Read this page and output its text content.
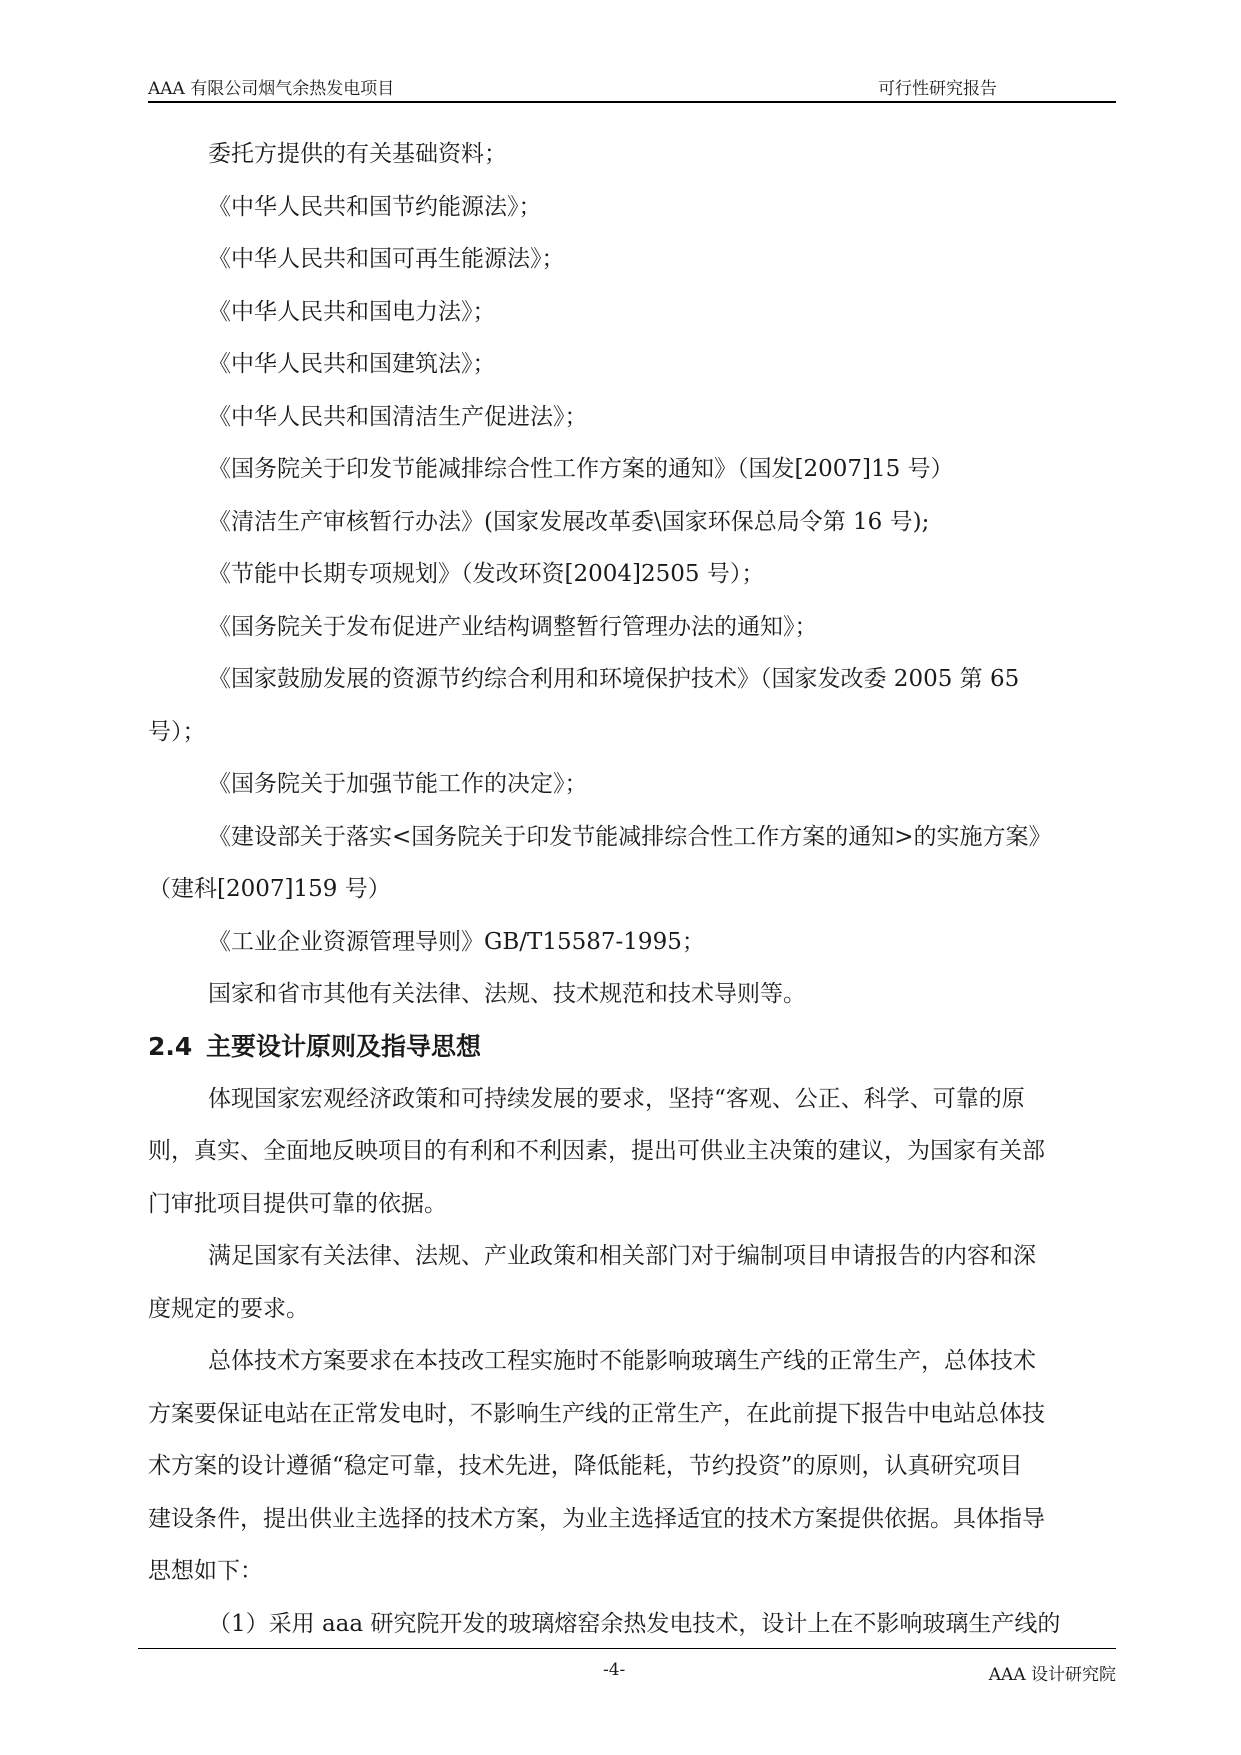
AAA 有限公司烟气余热发电项目	可行性研究报告

委托方提供的有关基础资料；

《中华人民共和国节约能源法》；

《中华人民共和国可再生能源法》；

《中华人民共和国电力法》；

《中华人民共和国建筑法》；

《中华人民共和国清洁生产促进法》；

《国务院关于印发节能减排综合性工作方案的通知》（国发[2007]15 号）

《清洁生产审核暂行办法》(国家发展改革委\国家环保总局令第 16 号);

《节能中长期专项规划》（发改环资[2004]2505 号）；

《国务院关于发布促进产业结构调整暂行管理办法的通知》；

《国家鼓励发展的资源节约综合利用和环境保护技术》（国家发改委 2005 第 65

号）；

《国务院关于加强节能工作的决定》；

《建设部关于落实<国务院关于印发节能减排综合性工作方案的通知>的实施方案》

（建科[2007]159 号）

《工业企业资源管理导则》GB/T15587-1995；

国家和省市其他有关法律、法规、技术规范和技术导则等。

2.4 主要设计原则及指导思想

体现国家宏观经济政策和可持续发展的要求，坚持“客观、公正、科学、可靠的原

则，真实、全面地反映项目的有利和不利因素，提出可供业主决策的建议，为国家有关部

门审批项目提供可靠的依据。

满足国家有关法律、法规、产业政策和相关部门对于编制项目申请报告的内容和深

度规定的要求。

总体技术方案要求在本技改工程实施时不能影响玻璃生产线的正常生产，总体技术

方案要保证电站在正常发电时，不影响生产线的正常生产，在此前提下报告中电站总体技

术方案的设计遵循“稳定可靠，技术先进，降低能耗，节约投资”的原则，认真研究项目

建设条件，提出供业主选择的技术方案，为业主选择适宜的技术方案提供依据。具体指导

思想如下：

（1）采用 aaa 研究院开发的玻璃熔窑余热发电技术，设计上在不影响玻璃生产线的

-4-	AAA 设计研究院
